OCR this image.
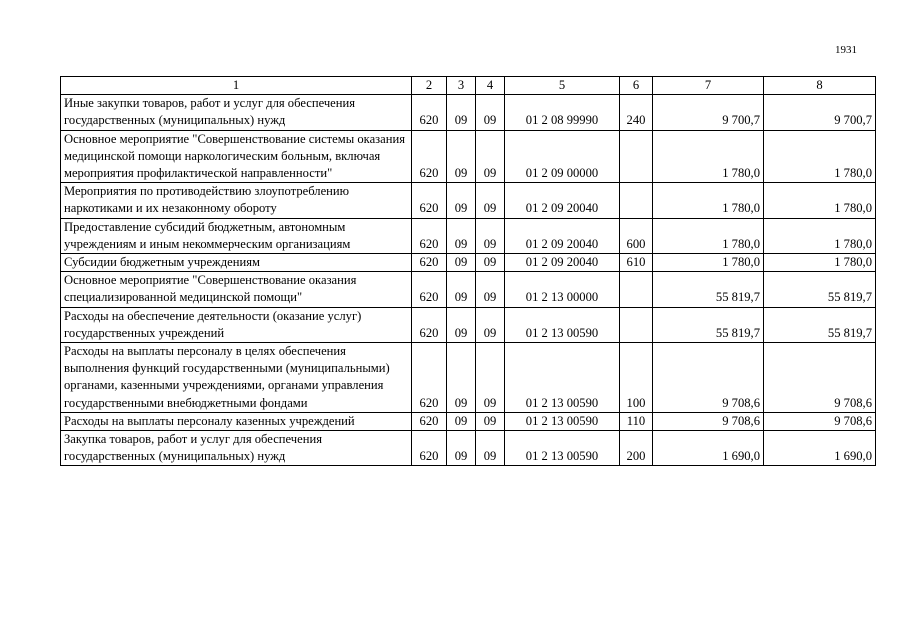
1931
1	2	3	4	5	6	7	8
Иные закупки товаров, работ и услуг для обеспечения государственных (муниципальных) нужд	620	09	09	01 2 08 99990	240	9 700,7	9 700,7
Основное мероприятие "Совершенствование системы оказания медицинской помощи наркологическим больным, включая мероприятия профилактической направленности"	620	09	09	01 2 09 00000		1 780,0	1 780,0
Мероприятия по противодействию злоупотреблению наркотиками и их незаконному обороту	620	09	09	01 2 09 20040		1 780,0	1 780,0
Предоставление субсидий бюджетным, автономным учреждениям и иным некоммерческим организациям	620	09	09	01 2 09 20040	600	1 780,0	1 780,0
Субсидии бюджетным учреждениям	620	09	09	01 2 09 20040	610	1 780,0	1 780,0
Основное мероприятие "Совершенствование оказания специализированной медицинской помощи"	620	09	09	01 2 13 00000		55 819,7	55 819,7
Расходы на обеспечение деятельности (оказание услуг) государственных учреждений	620	09	09	01 2 13 00590		55 819,7	55 819,7
Расходы на выплаты персоналу в целях обеспечения выполнения функций государственными (муниципальными) органами, казенными учреждениями, органами управления государственными внебюджетными фондами	620	09	09	01 2 13 00590	100	9 708,6	9 708,6
Расходы на выплаты персоналу казенных учреждений	620	09	09	01 2 13 00590	110	9 708,6	9 708,6
Закупка товаров, работ и услуг для обеспечения государственных (муниципальных) нужд	620	09	09	01 2 13 00590	200	1 690,0	1 690,0
